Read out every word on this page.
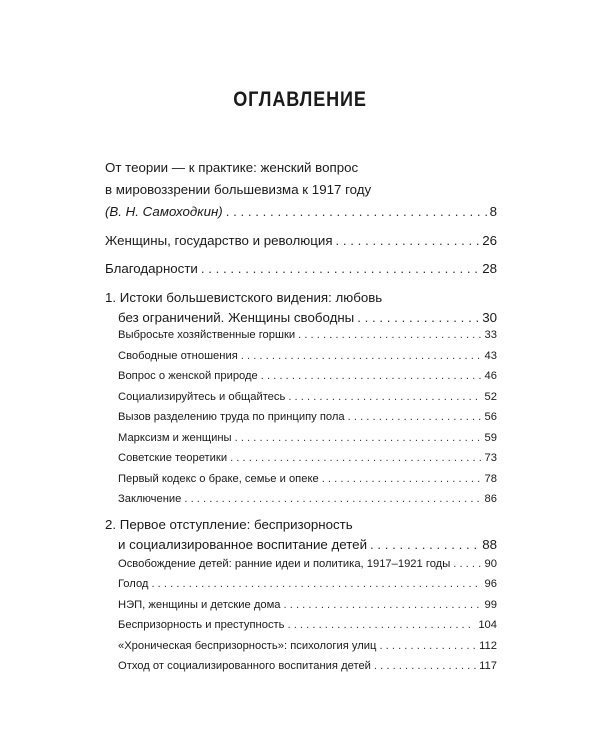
ОГЛАВЛЕНИЕ
От теории — к практике: женский вопрос
в мировоззрении большевизма к 1917 году
(В. Н. Самоходкин) . . .	8
Женщины, государство и революция . . .	26
Благодарности . . .	28
1. Истоки большевистского видения: любовь
без ограничений. Женщины свободны . . .	30
Выбросьте хозяйственные горшки . . .	33
Свободные отношения . . .	43
Вопрос о женской природе . . .	46
Социализируйтесь и общайтесь . . .	52
Вызов разделению труда по принципу пола . . .	56
Марксизм и женщины . . .	59
Советские теоретики . . .	73
Первый кодекс о браке, семье и опеке . . .	78
Заключение . . .	86
2. Первое отступление: беспризорность
и социализированное воспитание детей . . .	88
Освобождение детей: ранние идеи и политика, 1917–1921 годы . . .	90
Голод . . .	96
НЭП, женщины и детские дома . . .	99
Беспризорность и преступность . . .	104
«Хроническая беспризорность»: психология улиц . . .	112
Отход от социализированного воспитания детей . . .	117
